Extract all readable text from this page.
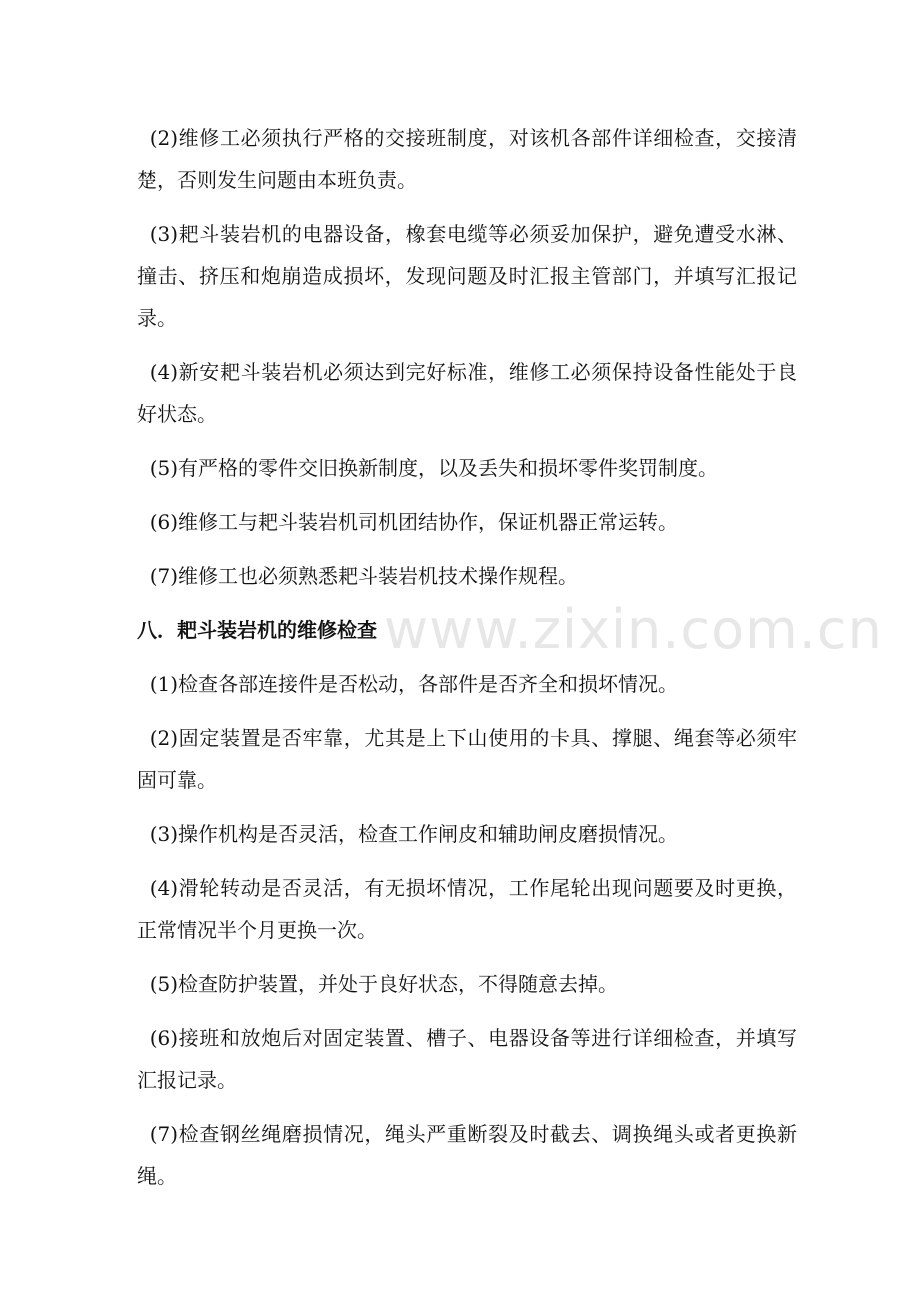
(2)维修工必须执行严格的交接班制度，对该机各部件详细检查，交接清楚，否则发生问题由本班负责。

(3)耙斗装岩机的电器设备，橡套电缆等必须妥加保护，避免遭受水淋、撞击、挤压和炮崩造成损坏，发现问题及时汇报主管部门，并填写汇报记录。

(4)新安耙斗装岩机必须达到完好标准，维修工必须保持设备性能处于良好状态。

(5)有严格的零件交旧换新制度，以及丢失和损坏零件奖罚制度。

(6)维修工与耙斗装岩机司机团结协作，保证机器正常运转。

(7)维修工也必须熟悉耙斗装岩机技术操作规程。

八．耙斗装岩机的维修检查

(1)检查各部连接件是否松动，各部件是否齐全和损坏情况。

(2)固定装置是否牢靠，尤其是上下山使用的卡具、撑腿、绳套等必须牢固可靠。

(3)操作机构是否灵活，检查工作闸皮和辅助闸皮磨损情况。

(4)滑轮转动是否灵活，有无损坏情况，工作尾轮出现问题要及时更换，正常情况半个月更换一次。

(5)检查防护装置，并处于良好状态，不得随意去掉。

(6)接班和放炮后对固定装置、槽子、电器设备等进行详细检查，并填写汇报记录。

(7)检查钢丝绳磨损情况，绳头严重断裂及时截去、调换绳头或者更换新绳。

www.zixin.com.cn
